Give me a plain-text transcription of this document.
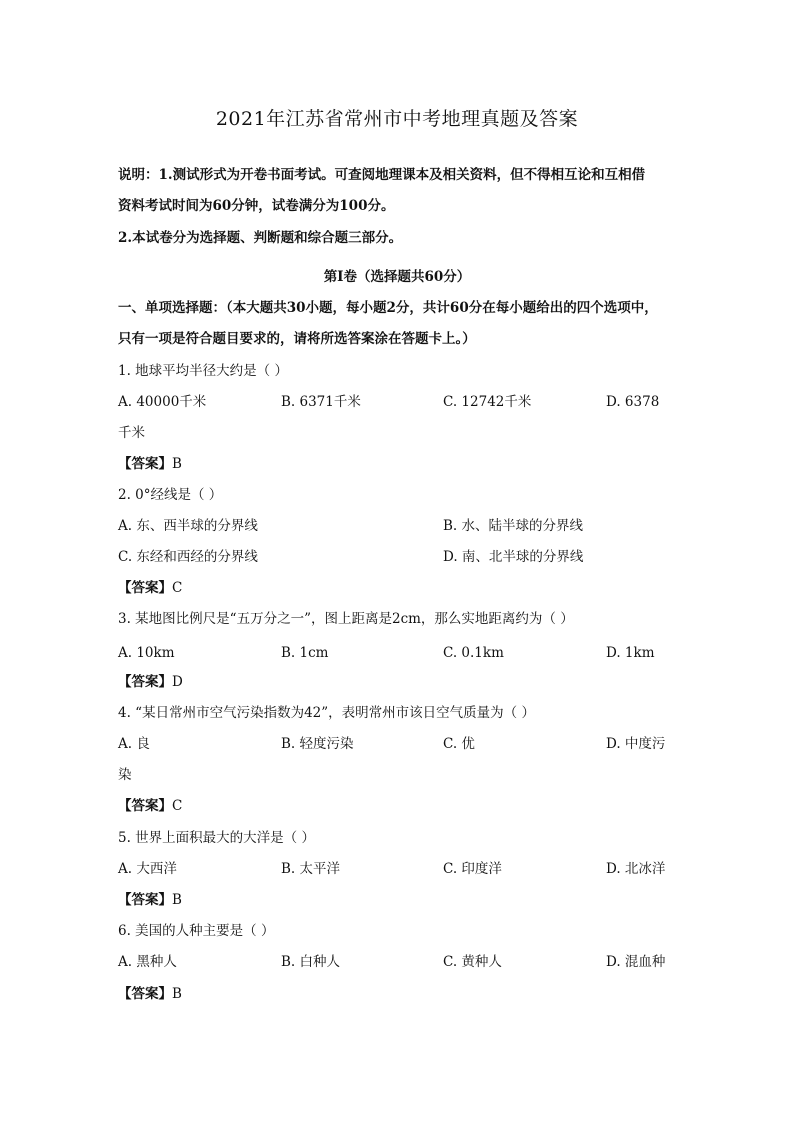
2021年江苏省常州市中考地理真题及答案
说明：1.测试形式为开卷书面考试。可查阅地理课本及相关资料，但不得相互论和互相借
资料考试时间为60分钟，试卷满分为100分。
2.本试卷分为选择题、判断题和综合题三部分。
第Ⅰ卷（选择题共60分）
一、单项选择题：（本大题共30小题，每小题2分，共计60分在每小题给出的四个选项中，
只有一项是符合题目要求的，请将所选答案涂在答题卡上。）
1. 地球平均半径大约是（ ）
A. 40000千米	B. 6371千米	C. 12742千米	D. 6378
千米
【答案】B
2. 0°经线是（ ）
A. 东、西半球的分界线	B. 水、陆半球的分界线
C. 东经和西经的分界线	D. 南、北半球的分界线
【答案】C
3. 某地图比例尺是“五万分之一”，图上距离是2cm，那么实地距离约为（ ）
A. 10km	B. 1cm	C. 0.1km	D. 1km
【答案】D
4. “某日常州市空气污染指数为42”，表明常州市该日空气质量为（ ）
A. 良	B. 轻度污染	C. 优	D. 中度污
染
【答案】C
5. 世界上面积最大的大洋是（ ）
A. 大西洋	B. 太平洋	C. 印度洋	D. 北冰洋
【答案】B
6. 美国的人种主要是（ ）
A. 黑种人	B. 白种人	C. 黄种人	D. 混血种
【答案】B
